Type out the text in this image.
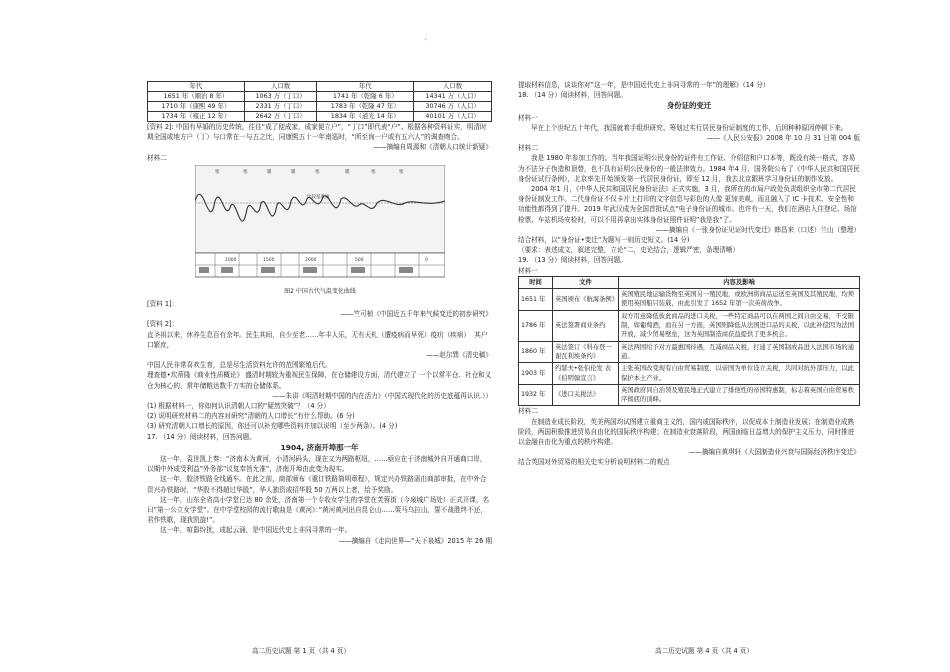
'
年代	人口数	年代	人口数
1651 年（顺治 8 年）	1063 万（丁口）	1741 年（乾隆 6 年）	14341 万（人口）
1710 年（康熙 49 年）	2331 万（丁口）	1783 年（乾隆 47 年）	30746 万（人口）
1734 年（雍正 12 年）	2642 万（丁口）	1834 年（道光 14 年）	40101 万（人口）

[资料 2]: 中国有早婚的历史传统，往往“成了便成家，成家便立户”，“丁口”即代表“户”。根据各种资料证实，明清时期全国或地方户（丁）与口常在一与五之比，同康熙五十一年南巡时，“所至询一户或有五六人”的调查吻合。

——摘编自周源和《清朝人口统计新疑》

材料二

比较基准线
寒	寒	暖	暖	寒	暖	寒	寒
1000	1500	2000	500	0
图2 中国古代气温变化曲线

[资料 1]：

——竺可桢《中国近五千年来气候变迁的初步研究》

[资料 2]：

直圣祖以来，休养生息百有余年。民生其间，自少至老……年丰人乐，无有天札（遭疫病而早死）疫疠（疾病）  其户口繁庶，

——赵尔巽《清史稿》

中国人民非常喜欢生育，总是尽生活资料允许的范围繁殖后代。

理查德•坎蒂隆《商业性质概论》 盛清时期较为重视民生保障，在仓储建设方面，清代建立了 一个以常平仓、社仓和义仓为核心的，常年储粮达数千万实的仓储体系。

——朱讲《明清时期中国的内在活力》（中国式现代化的历史底蕴再认识.））

(1) 根据材料一，你如何认识清朝人口的“疑然突破”？（4 分）

(2) 说明研究材料二的内容对研究“清朝的人口增长”有什么帮助。(6 分)

(3) 研究清朝人口增长的原因，你还可以补充哪些资料并加以说明（至少两条）。(4 分)

17. （14 分）阅读材料，回答问题。

1904, 济南开埠那一年

这一年，袁世凯上奏：“济南本为黄河，小清河码头，现在又为两路枢纽，……亟应在于济南城外自开通商口岸，以期中外成受利益”外务部”议复奉旨允准”，济南开埠由此变为现实。

这一年，胶济铁路全线通车。在此之前，商部颁布《重订铁路简明章程》，规定兴办铁路需由商部审批，在中外合资兴办铁路时，“华股不得超过华股”，华人独资或招华股 50 万两以上者，给予奖励。

这一年，山东全省高小学堂已达 80 余处，济南第一个专收女学生的学堂在芙蓉街（今泉城广场处）正式开课，名曰”第一公立女学堂”。在中学堂校园的流行歌曲是《黄河》：”黄河黄河出自昆仑山……策马乌拉山，誓不战胜终不还，君作铁歌，现我凯旋!”。

这一年，喧嚣纷扰，成起云涌，是中国近代史上非同寻常的一年。

——摘编自《走向世界—“天下泉城》2015 年 26 期

高二历史试题 第 1 页（共 4 页）

提取材料信息，谈谈你对”这一年，是中国近代史上非同寻常的一年”的理解》（14 分）

18. （14 分）阅读材料，回答问题。

身份证的变迁

材料一

早在上个世纪五十年代，我国就着手组织研究、筹划过实行居民身份证制度的工作，后因种种原因停顿下来。

——《人民公安报》2008 年 10 月 31 日第 004 版

材料二

我是 1980 年参加工作的。当年我国证明公民身份的证件有工作证、介绍信和户口本等，既没有统一格式，容易为不法分子伪造和顶替，也不具有证明公民身份的一般法律效力。1984 年4 月，国务院公布了《中华人民共和国居民身份证试行条例》，北京率先开始颁发第一代居民身份证，即至 12 月，我去北京跟班学习身份证的制作发放。

2004 年1 月，《中华人民共和国居民身份证法》正式实施，3 月，我所在的市局户政处负责组织全市第二代居民身份证制发工作。二代身份证不仅卡片上打印的文字信息与彩色的人像 更加美观，而且融入了 IC 卡技术、安全性和功能性都得到了提升。2019 年武汉成为全国首批试点“电子身份证的城市。也许有一天，我们在酒店入住登记、场馆检票、车站机场安检时，可以不用再拿出实体身份证照件证明”我是我”了。

——摘编自《一张身份证见证时代变迁》韩昌来（口述）兰山（整理）

结合材料，以”身份证•变迁”为题写一则历史短文。(14 分)

（要求：表述成文，叙述完整，立论“二，史论结合，逻辑严密，条理清晰）

19. （13 分）阅读材料，回答问题。

材料一

时间	文件	内容及影响
1651 年	英国颁布《航海条例》	英国殖民地运输货物至英国另一殖民地，或欧洲将商品运送至英国及其殖民地，均须使用英国船只装载，由此引发了 1652 年第一次英荷战争。
1786 年	英法签署商业条约	双方用意降低彼此商品的进口关税，一些特定商品可以在两国之间自由交易，不受限制，如葡萄酒，而在另一方面，英国则降低从法国进口品的关税，以此补偿因为法国开放，减少贸易壁垒，这为英国制造商获益提供了更多机会。
1860 年	英法签订《科布登一谢瓦利埃条约》	英法两国给予对方最惠国待遇，互减商品关税，打通了英国制成品进入法国市场的通道。
1903 年	约瑟夫•张伯伦发 表《伯明翰宣言》	主张英国改变现有自由贸易制度，以帝国为单位设立关税，共同对抗外部压力，以此保护本土产业。
1932 年	《进口关税法》	英国政府同自治领及殖民地正式建立了排他性的帝国特惠制，标志着英国自由贸易秩序彻底的顶峰。

材料二

在制造业成长阶段，英美两国均试图建立重商主义的，国内或国际秩序，以促成本土制造业发展；在制造业成熟阶段，两国积极推进贸易自由化的国际秩序构建；在制造业衰落阶段，两国面临日益增大的保护主义压力，同时推进以金融自由化为重点的秩序构建。

——摘编自黄琪轩《大国制造业兴衰与国际经济秩序变迁》

结合英国对外贸易的相关史实分析说明材料二的观点

高二历史试题 第 4 页（共 4 页）
